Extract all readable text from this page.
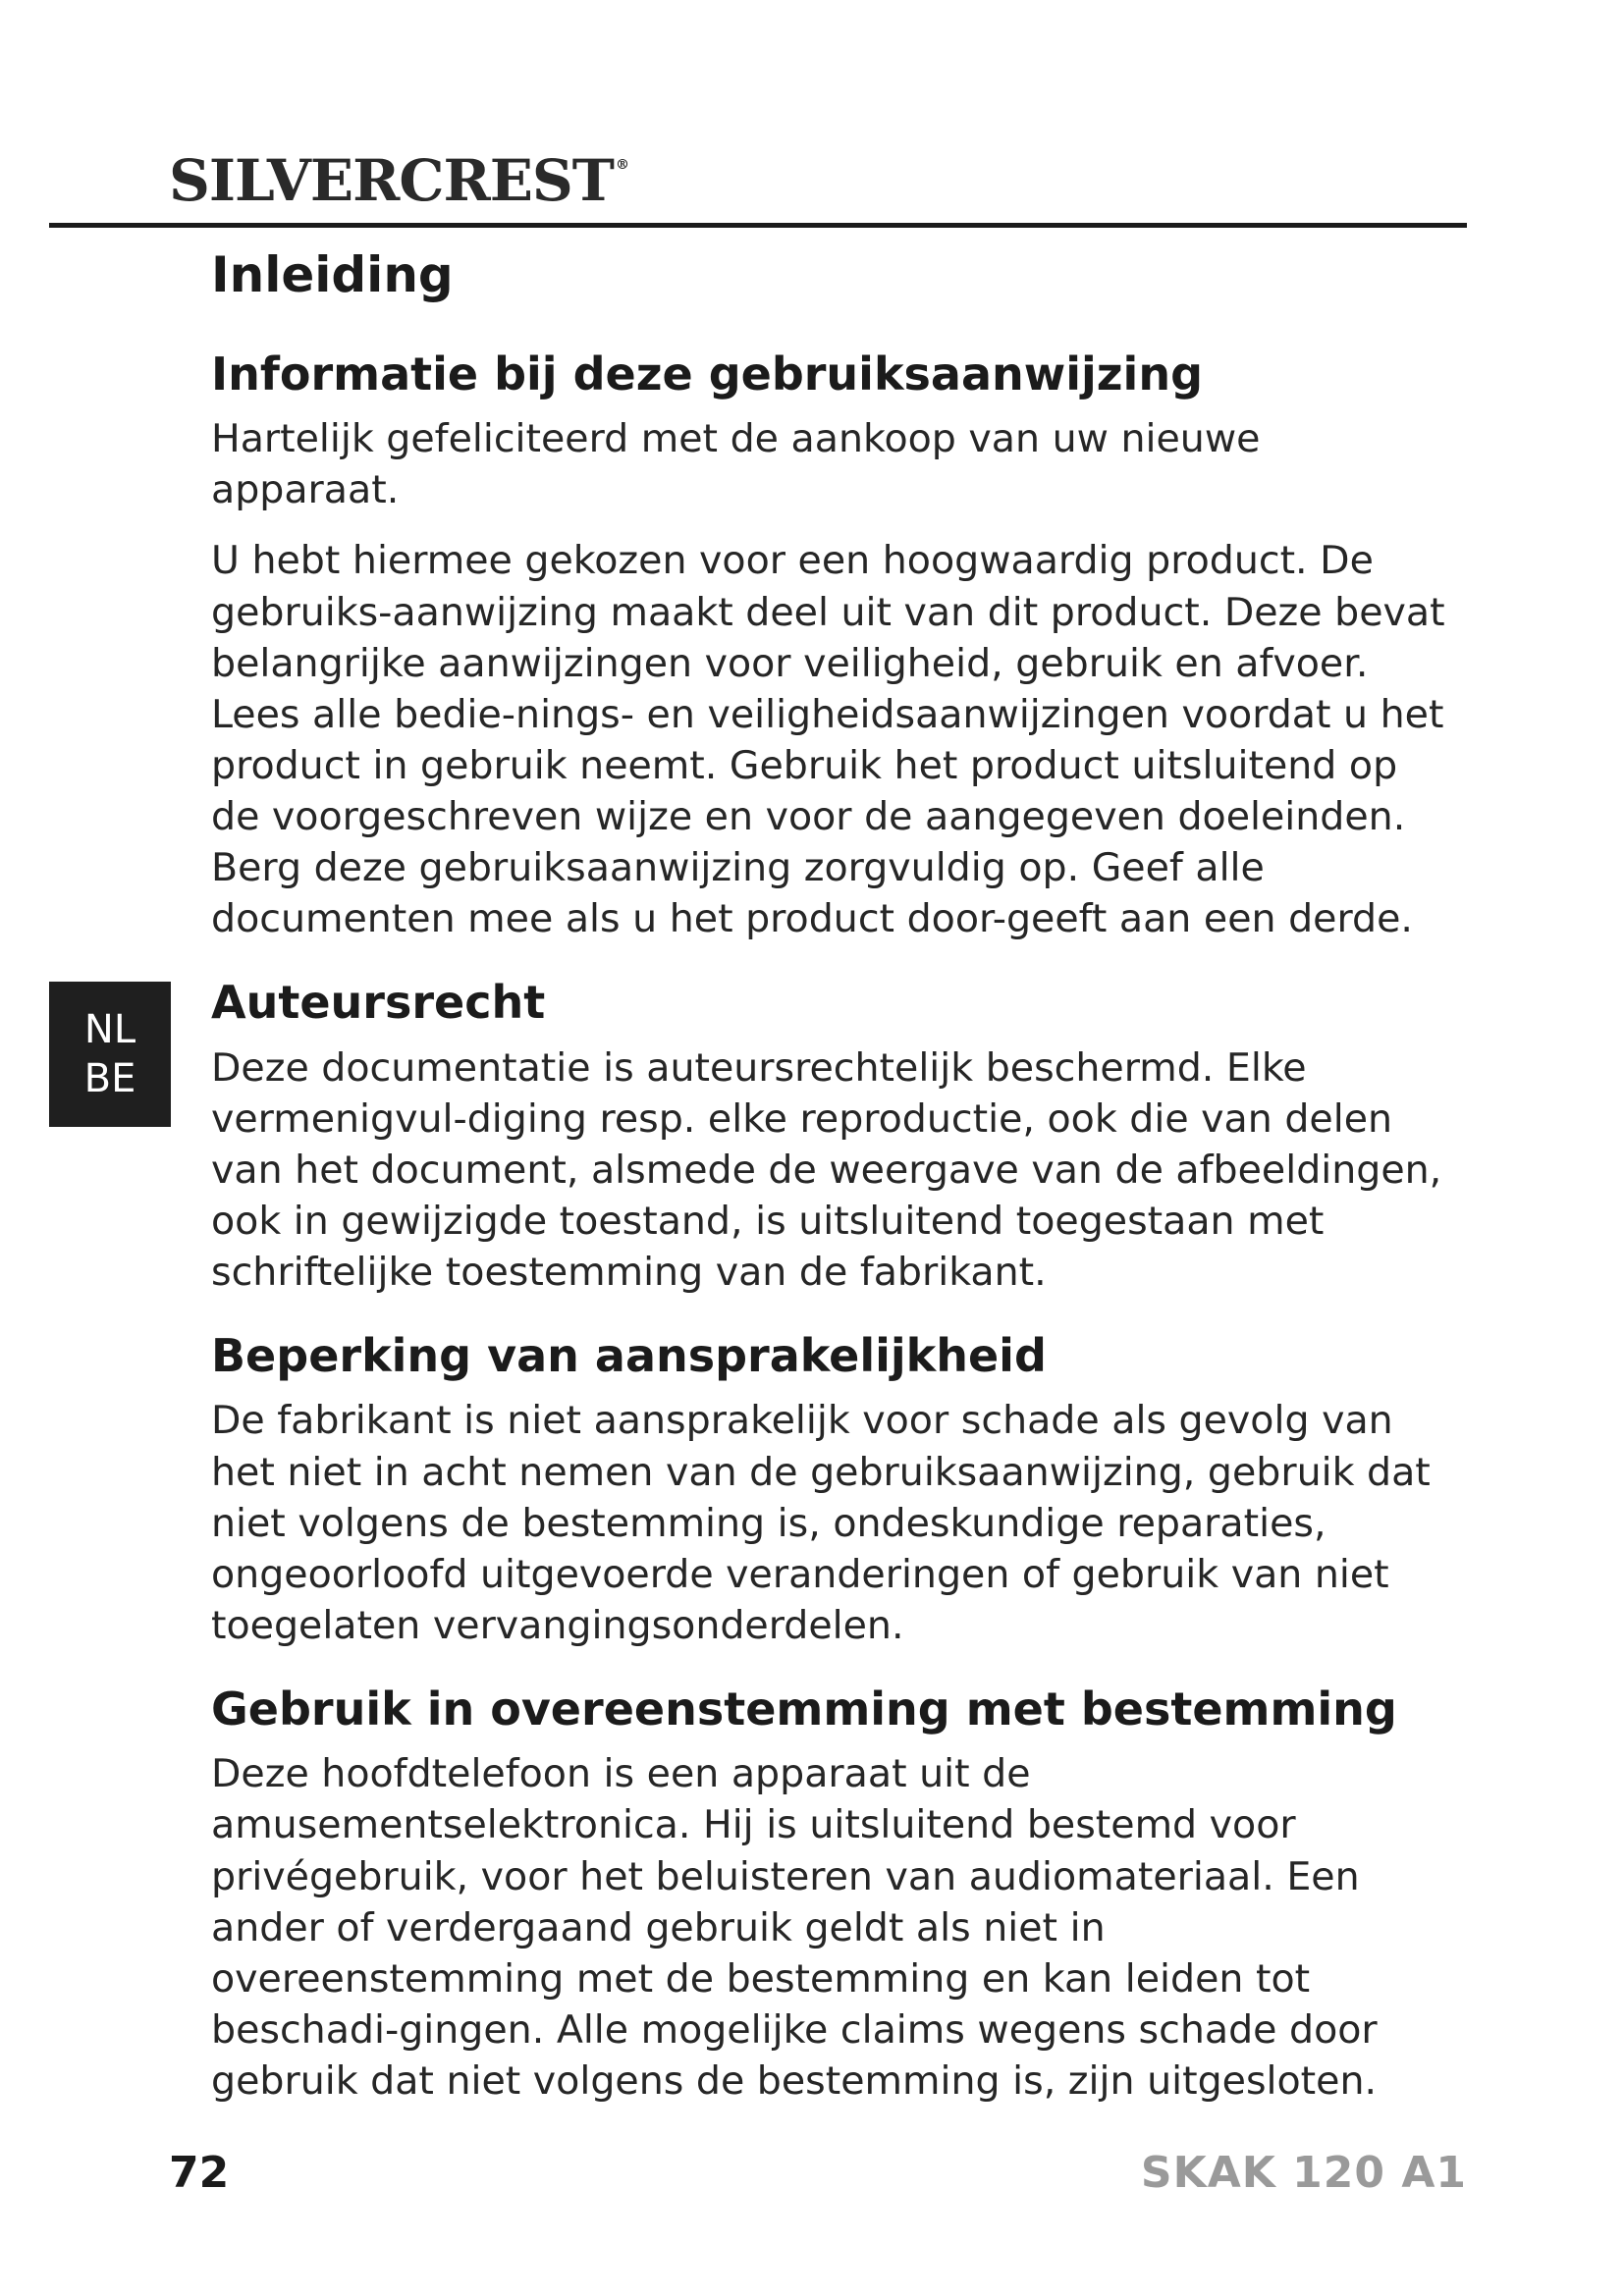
SILVERCREST ®
NL
BE
Inleiding
Informatie bij deze gebruiksaanwijzing

Hartelijk gefeliciteerd met de aankoop van uw nieuwe apparaat.

U hebt hiermee gekozen voor een hoogwaardig product. De gebruiks-aanwijzing maakt deel uit van dit product. Deze bevat belangrijke aanwijzingen voor veiligheid, gebruik en afvoer. Lees alle bedie-nings- en veiligheidsaanwijzingen voordat u het product in gebruik neemt. Gebruik het product uitsluitend op de voorgeschreven wijze en voor de aangegeven doeleinden. Berg deze gebruiksaanwijzing zorgvuldig op. Geef alle documenten mee als u het product door-geeft aan een derde.

Auteursrecht

Deze documentatie is auteursrechtelijk beschermd. Elke vermenigvul-diging resp. elke reproductie, ook die van delen van het document, alsmede de weergave van de afbeeldingen, ook in gewijzigde toestand, is uitsluitend toegestaan met schriftelijke toestemming van de fabrikant.

Beperking van aansprakelijkheid

De fabrikant is niet aansprakelijk voor schade als gevolg van het niet in acht nemen van de gebruiksaanwijzing, gebruik dat niet volgens de bestemming is, ondeskundige reparaties, ongeoorloofd uitgevoerde veranderingen of gebruik van niet toegelaten vervangingsonderdelen.

Gebruik in overeenstemming met bestemming

Deze hoofdtelefoon is een apparaat uit de amusementselektronica. Hij is uitsluitend bestemd voor privégebruik, voor het beluisteren van audiomateriaal. Een ander of verdergaand gebruik geldt als niet in overeenstemming met de bestemming en kan leiden tot beschadi-gingen. Alle mogelijke claims wegens schade door gebruik dat niet volgens de bestemming is, zijn uitgesloten.

72	SKAK 120 A1
